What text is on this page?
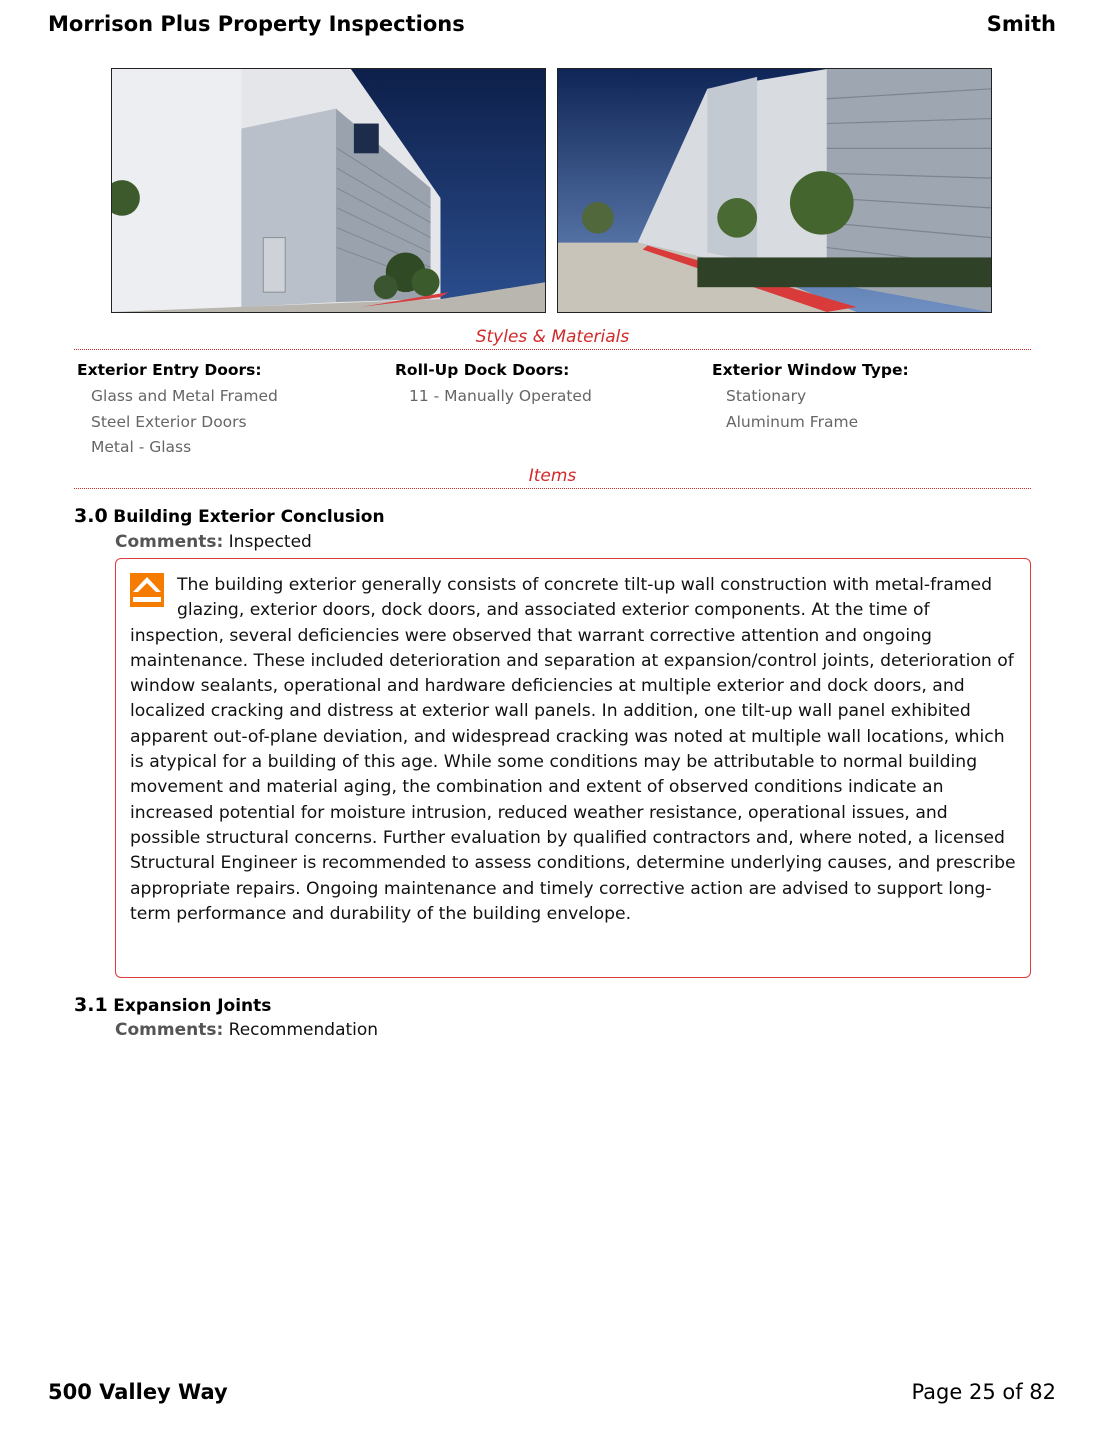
Morrison Plus Property Inspections	Smith
Styles & Materials
Exterior Entry Doors:
Glass and Metal Framed
Steel Exterior Doors
Metal - Glass
Roll-Up Dock Doors:
11 - Manually Operated
Exterior Window Type:
Stationary
Aluminum Frame
Items
3.0 Building Exterior Conclusion
Comments: Inspected
The building exterior generally consists of concrete tilt-up wall construction with metal-framed glazing, exterior doors, dock doors, and associated exterior components. At the time of inspection, several deficiencies were observed that warrant corrective attention and ongoing maintenance. These included deterioration and separation at expansion/control joints, deterioration of window sealants, operational and hardware deficiencies at multiple exterior and dock doors, and localized cracking and distress at exterior wall panels. In addition, one tilt-up wall panel exhibited apparent out-of-plane deviation, and widespread cracking was noted at multiple wall locations, which is atypical for a building of this age. While some conditions may be attributable to normal building movement and material aging, the combination and extent of observed conditions indicate an increased potential for moisture intrusion, reduced weather resistance, operational issues, and possible structural concerns. Further evaluation by qualified contractors and, where noted, a licensed Structural Engineer is recommended to assess conditions, determine underlying causes, and prescribe appropriate repairs. Ongoing maintenance and timely corrective action are advised to support long-term performance and durability of the building envelope.
3.1 Expansion Joints
Comments: Recommendation
500 Valley Way	Page 25 of 82
